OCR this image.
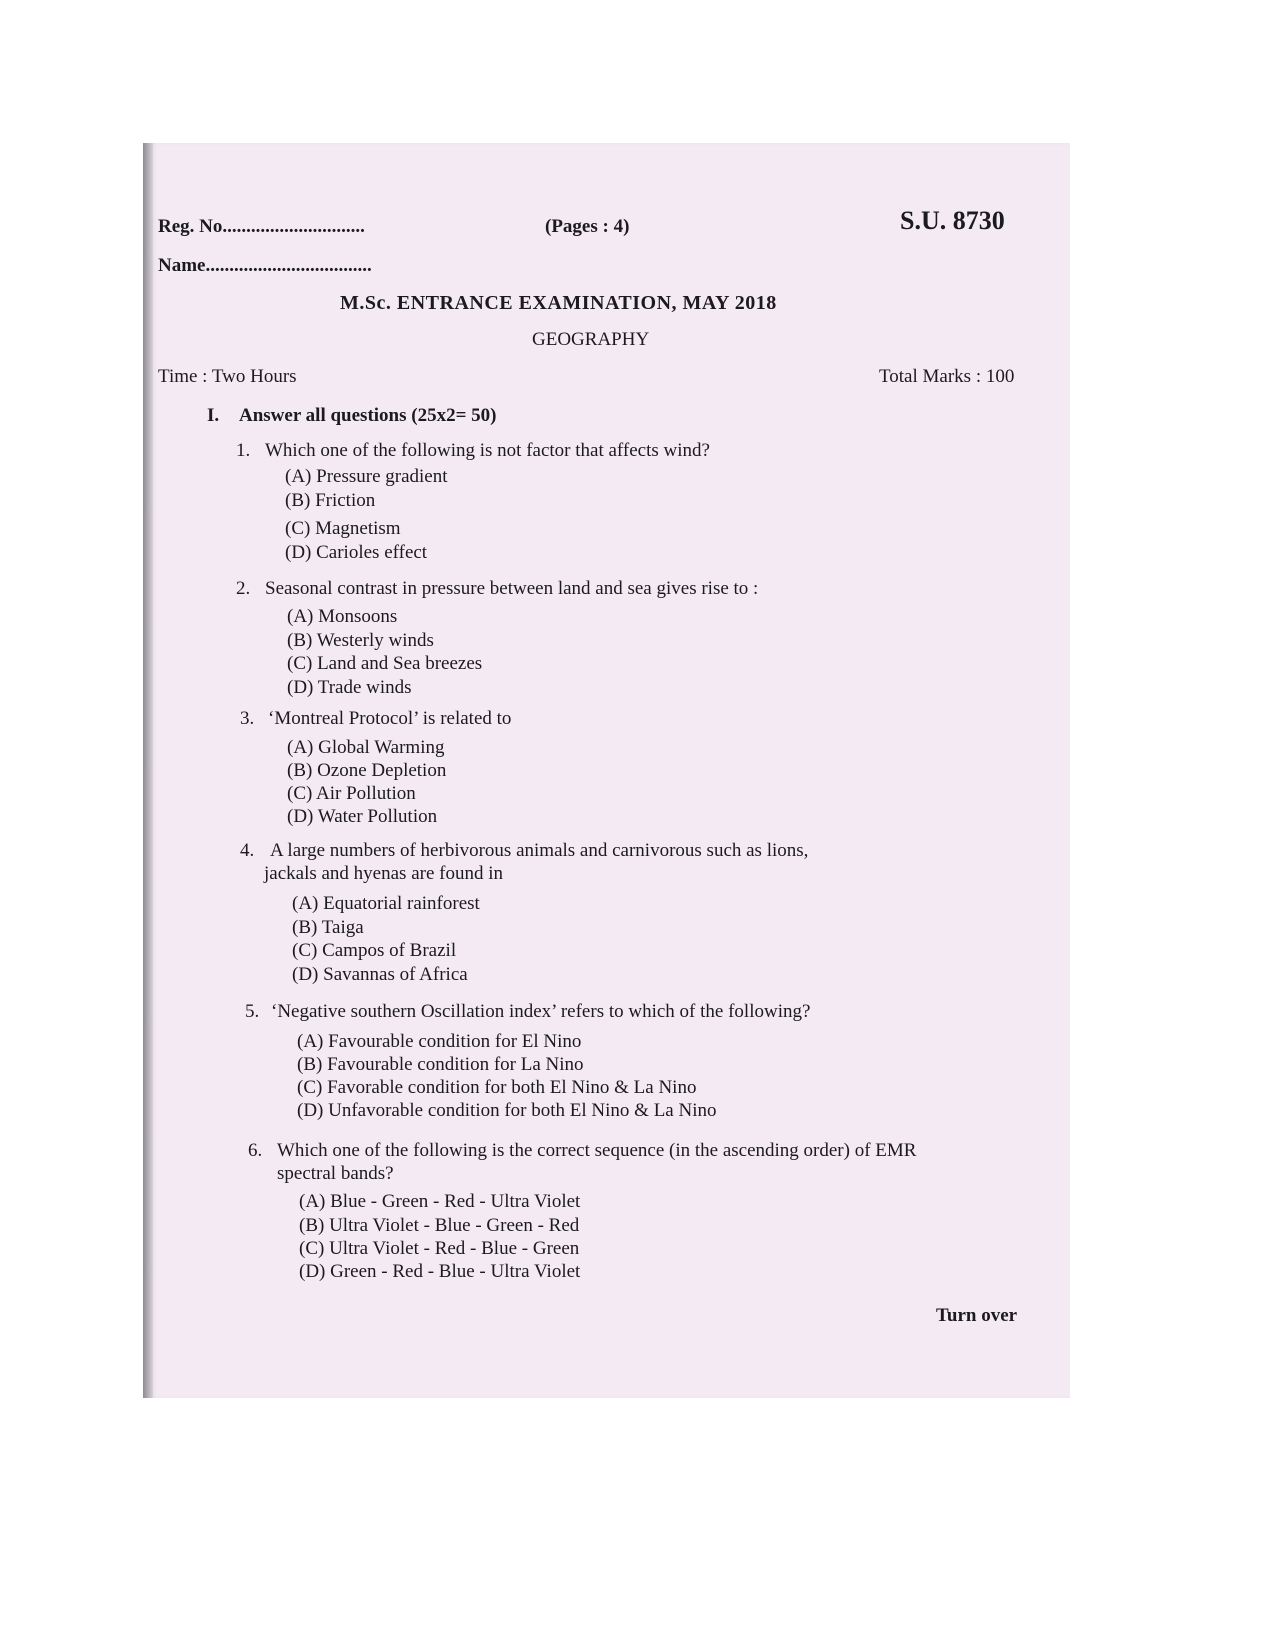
Reg. No..............................	(Pages : 4)	S.U. 8730
Name...................................
M.Sc. ENTRANCE EXAMINATION, MAY 2018
GEOGRAPHY
Time : Two Hours	Total Marks : 100
I. Answer all questions (25x2= 50)
1. Which one of the following is not factor that affects wind?
(A) Pressure gradient
(B) Friction
(C) Magnetism
(D) Carioles effect
2. Seasonal contrast in pressure between land and sea gives rise to :
(A) Monsoons
(B) Westerly winds
(C) Land and Sea breezes
(D) Trade winds
3. ‘Montreal Protocol’ is related to
(A) Global Warming
(B) Ozone Depletion
(C) Air Pollution
(D) Water Pollution
4. A large numbers of herbivorous animals and carnivorous such as lions,
jackals and hyenas are found in
(A) Equatorial rainforest
(B) Taiga
(C) Campos of Brazil
(D) Savannas of Africa
5. ‘Negative southern Oscillation index’ refers to which of the following?
(A) Favourable condition for El Nino
(B) Favourable condition for La Nino
(C) Favorable condition for both El Nino & La Nino
(D) Unfavorable condition for both El Nino & La Nino
6. Which one of the following is the correct sequence (in the ascending order) of EMR
spectral bands?
(A) Blue - Green - Red - Ultra Violet
(B) Ultra Violet - Blue - Green - Red
(C) Ultra Violet - Red - Blue - Green
(D) Green - Red - Blue - Ultra Violet
Turn over
